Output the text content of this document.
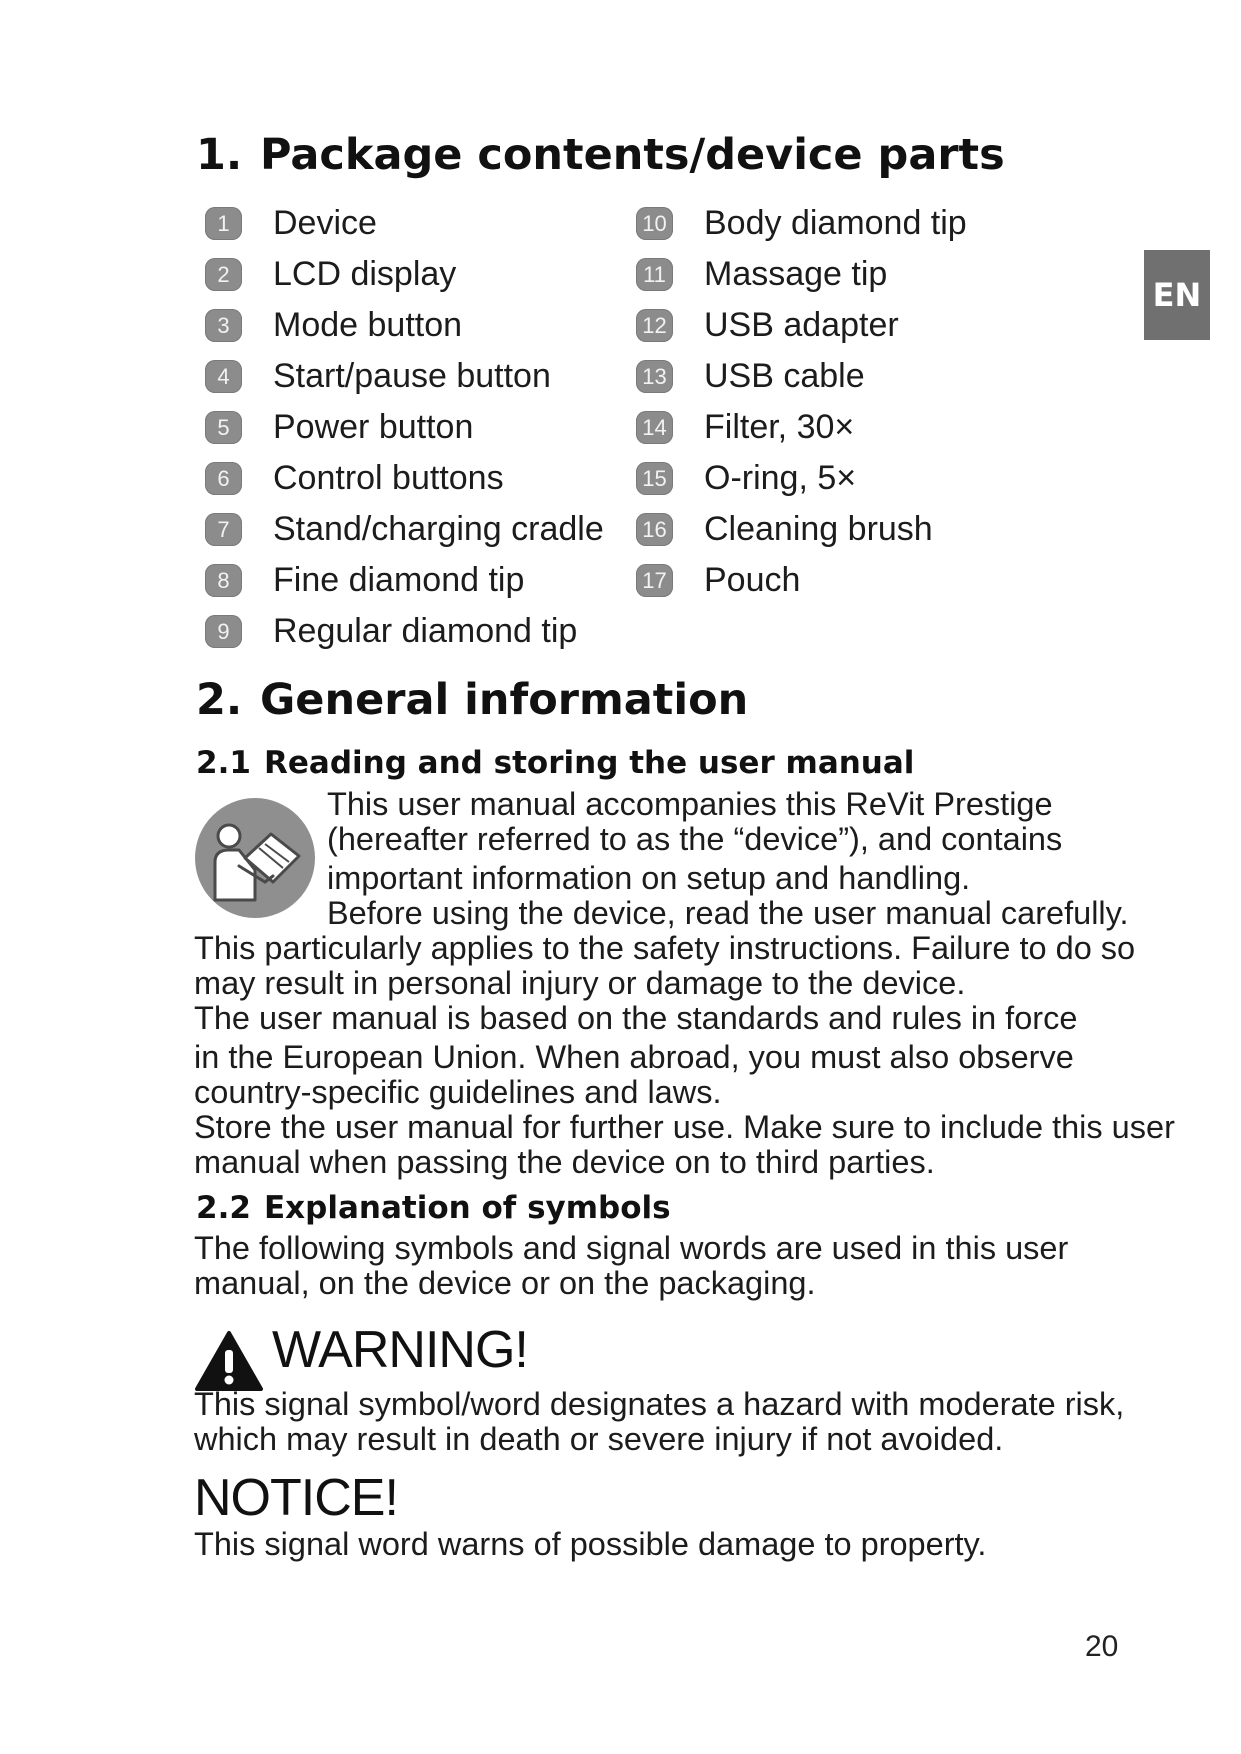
1. Package contents/device parts
1	Device
2	LCD display
3	Mode button
4	Start/pause button
5	Power button
6	Control buttons
7	Stand/charging cradle
8	Fine diamond tip
9	Regular diamond tip
10 Body diamond tip
11 Massage tip
12 USB adapter
13 USB cable
14 Filter, 30×
15 O-ring, 5×
16 Cleaning brush
17 Pouch
EN
2. General information
2.1 Reading and storing the user manual

This user manual accompanies this ReVit Prestige

(hereafter referred to as the “device”), and contains

important information on setup and handling.

Before using the device, read the user manual carefully.

This particularly applies to the safety instructions. Failure to do so

may result in personal injury or damage to the device.

The user manual is based on the standards and rules in force

in the European Union. When abroad, you must also observe

country-specific guidelines and laws.

Store the user manual for further use. Make sure to include this user

manual when passing the device on to third parties.

2.2 Explanation of symbols

The following symbols and signal words are used in this user

manual, on the device or on the packaging.

WARNING!

This signal symbol/word designates a hazard with moderate risk,

which may result in death or severe injury if not avoided.

NOTICE!

This signal word warns of possible damage to property.

20
